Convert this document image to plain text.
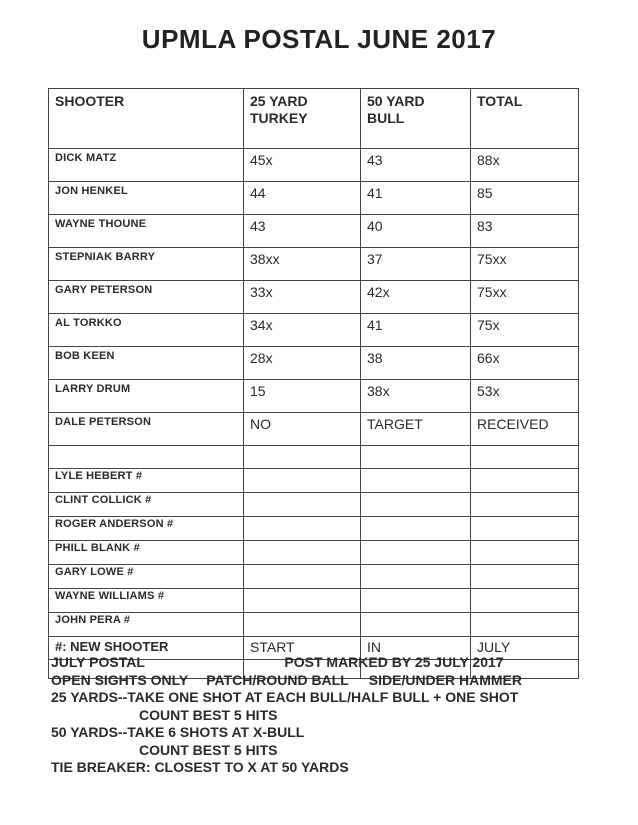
UPMLA POSTAL JUNE 2017
SHOOTER	25 YARD TURKEY	50 YARD BULL	TOTAL
DICK MATZ	45x	43	88x
JON HENKEL	44	41	85
WAYNE THOUNE	43	40	83
STEPNIAK BARRY	38xx	37	75xx
GARY PETERSON	33x	42x	75xx
AL TORKKO	34x	41	75x
BOB KEEN	28x	38	66x
LARRY DRUM	15	38x	53x
DALE PETERSON	NO	TARGET	RECEIVED

LYLE HEBERT #			
CLINT COLLICK #			
ROGER ANDERSON #			
PHILL BLANK #			
GARY LOWE #			
WAYNE WILLIAMS #			
JOHN PERA #			
#: NEW SHOOTER	START	IN	JULY

JULY POSTAL	POST MARKED BY 25 JULY 2017
OPEN SIGHTS ONLY PATCH/ROUND BALL SIDE/UNDER HAMMER
25 YARDS--TAKE ONE SHOT AT EACH BULL/HALF BULL + ONE SHOT
COUNT BEST 5 HITS
50 YARDS--TAKE 6 SHOTS AT X-BULL
COUNT BEST 5 HITS
TIE BREAKER: CLOSEST TO X AT 50 YARDS
